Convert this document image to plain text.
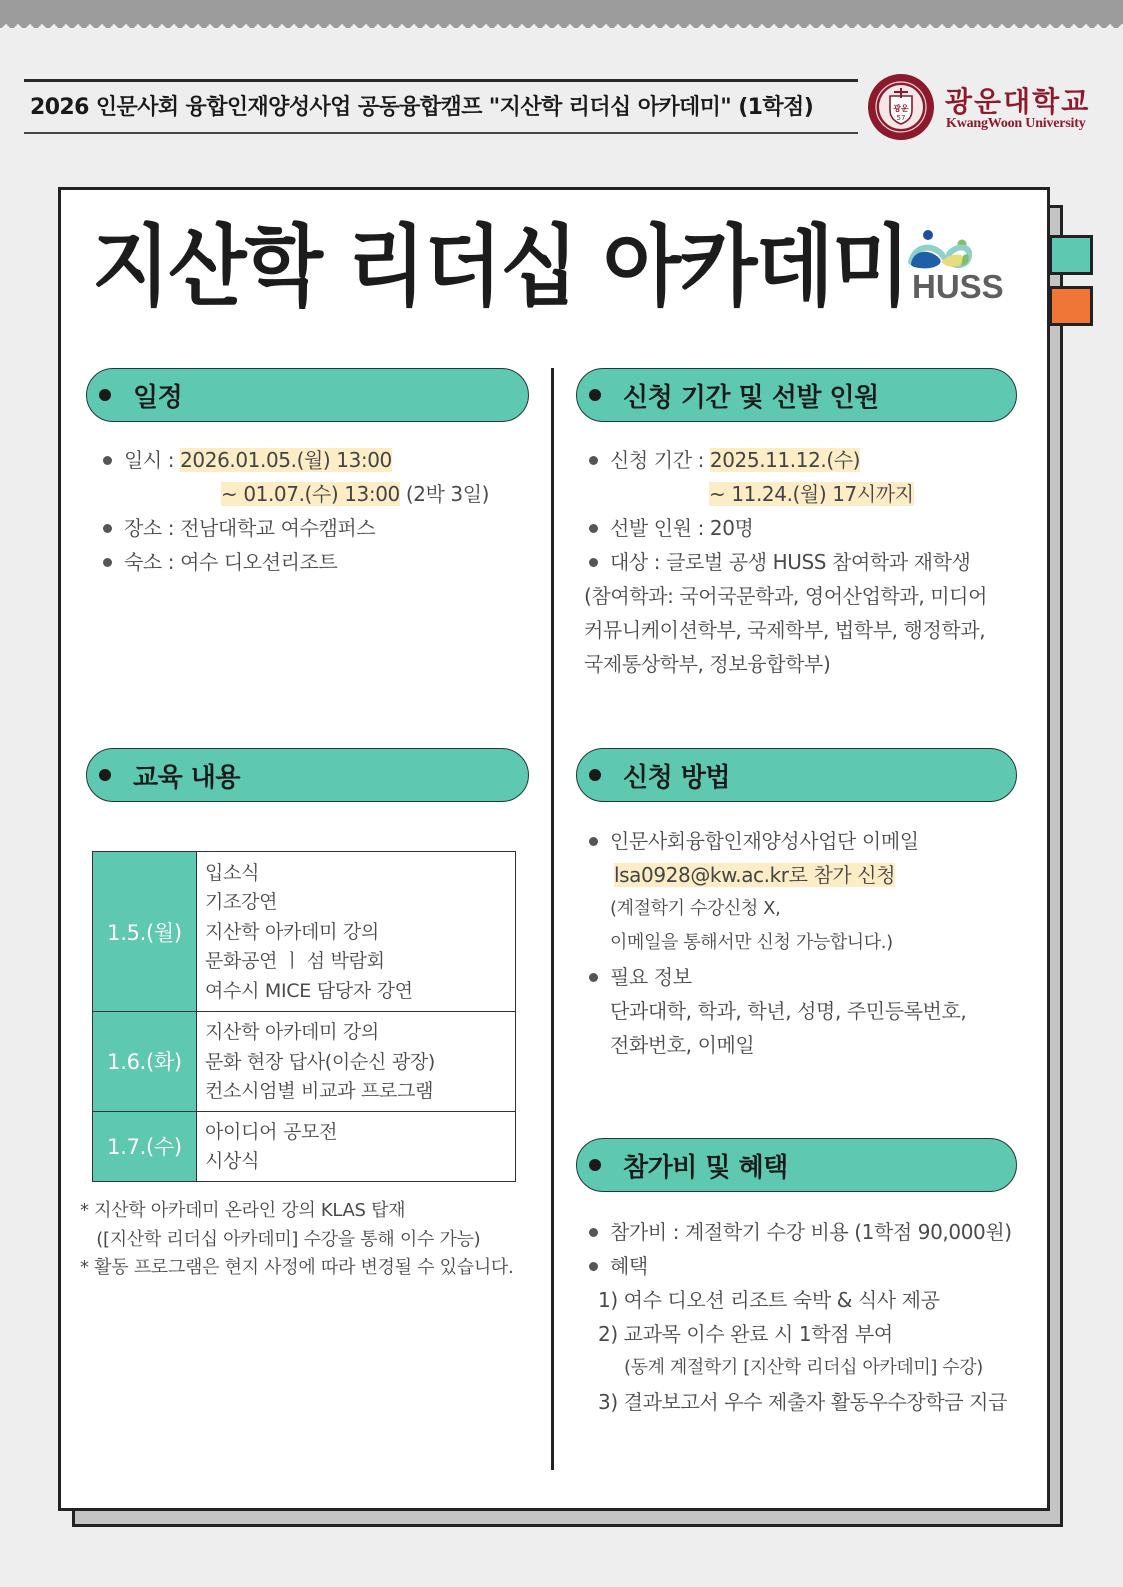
2026 인문사회 융합인재양성사업 공동융합캠프 "지산학 리더십 아카데미" (1학점)	광운
57 광운대학교
KwangWoon University
지산학 리더십 아카데미 HUSS
일정
일시 : 2026.01.05.(월) 13:00
~ 01.07.(수) 13:00 (2박 3일)
장소 : 전남대학교 여수캠퍼스
숙소 : 여수 디오션리조트
교육 내용
1.5.(월)	입소식
기조강연
지산학 아카데미 강의
문화공연 ㅣ 섬 박람회
여수시 MICE 담당자 강연

1.6.(화)	지산학 아카데미 강의
문화 현장 답사(이순신 광장)
컨소시엄별 비교과 프로그램

1.7.(수)	아이디어 공모전
시상식
* 지산학 아카데미 온라인 강의 KLAS 탑재
([지산학 리더십 아카데미] 수강을 통해 이수 가능)
* 활동 프로그램은 현지 사정에 따라 변경될 수 있습니다.
신청 기간 및 선발 인원
신청 기간 : 2025.11.12.(수)
~ 11.24.(월) 17시까지
선발 인원 : 20명
대상 : 글로벌 공생 HUSS 참여학과 재학생
(참여학과: 국어국문학과, 영어산업학과, 미디어
커뮤니케이션학부, 국제학부, 법학부, 행정학과,
국제통상학부, 정보융합학부)
신청 방법
인문사회융합인재양성사업단 이메일
lsa0928@kw.ac.kr로 참가 신청
(계절학기 수강신청 X,
이메일을 통해서만 신청 가능합니다.)
필요 정보
단과대학, 학과, 학년, 성명, 주민등록번호,
전화번호, 이메일
참가비 및 혜택
참가비 : 계절학기 수강 비용 (1학점 90,000원)
혜택
1) 여수 디오션 리조트 숙박 & 식사 제공
2) 교과목 이수 완료 시 1학점 부여
(동계 계절학기 [지산학 리더십 아카데미] 수강)
3) 결과보고서 우수 제출자 활동우수장학금 지급
